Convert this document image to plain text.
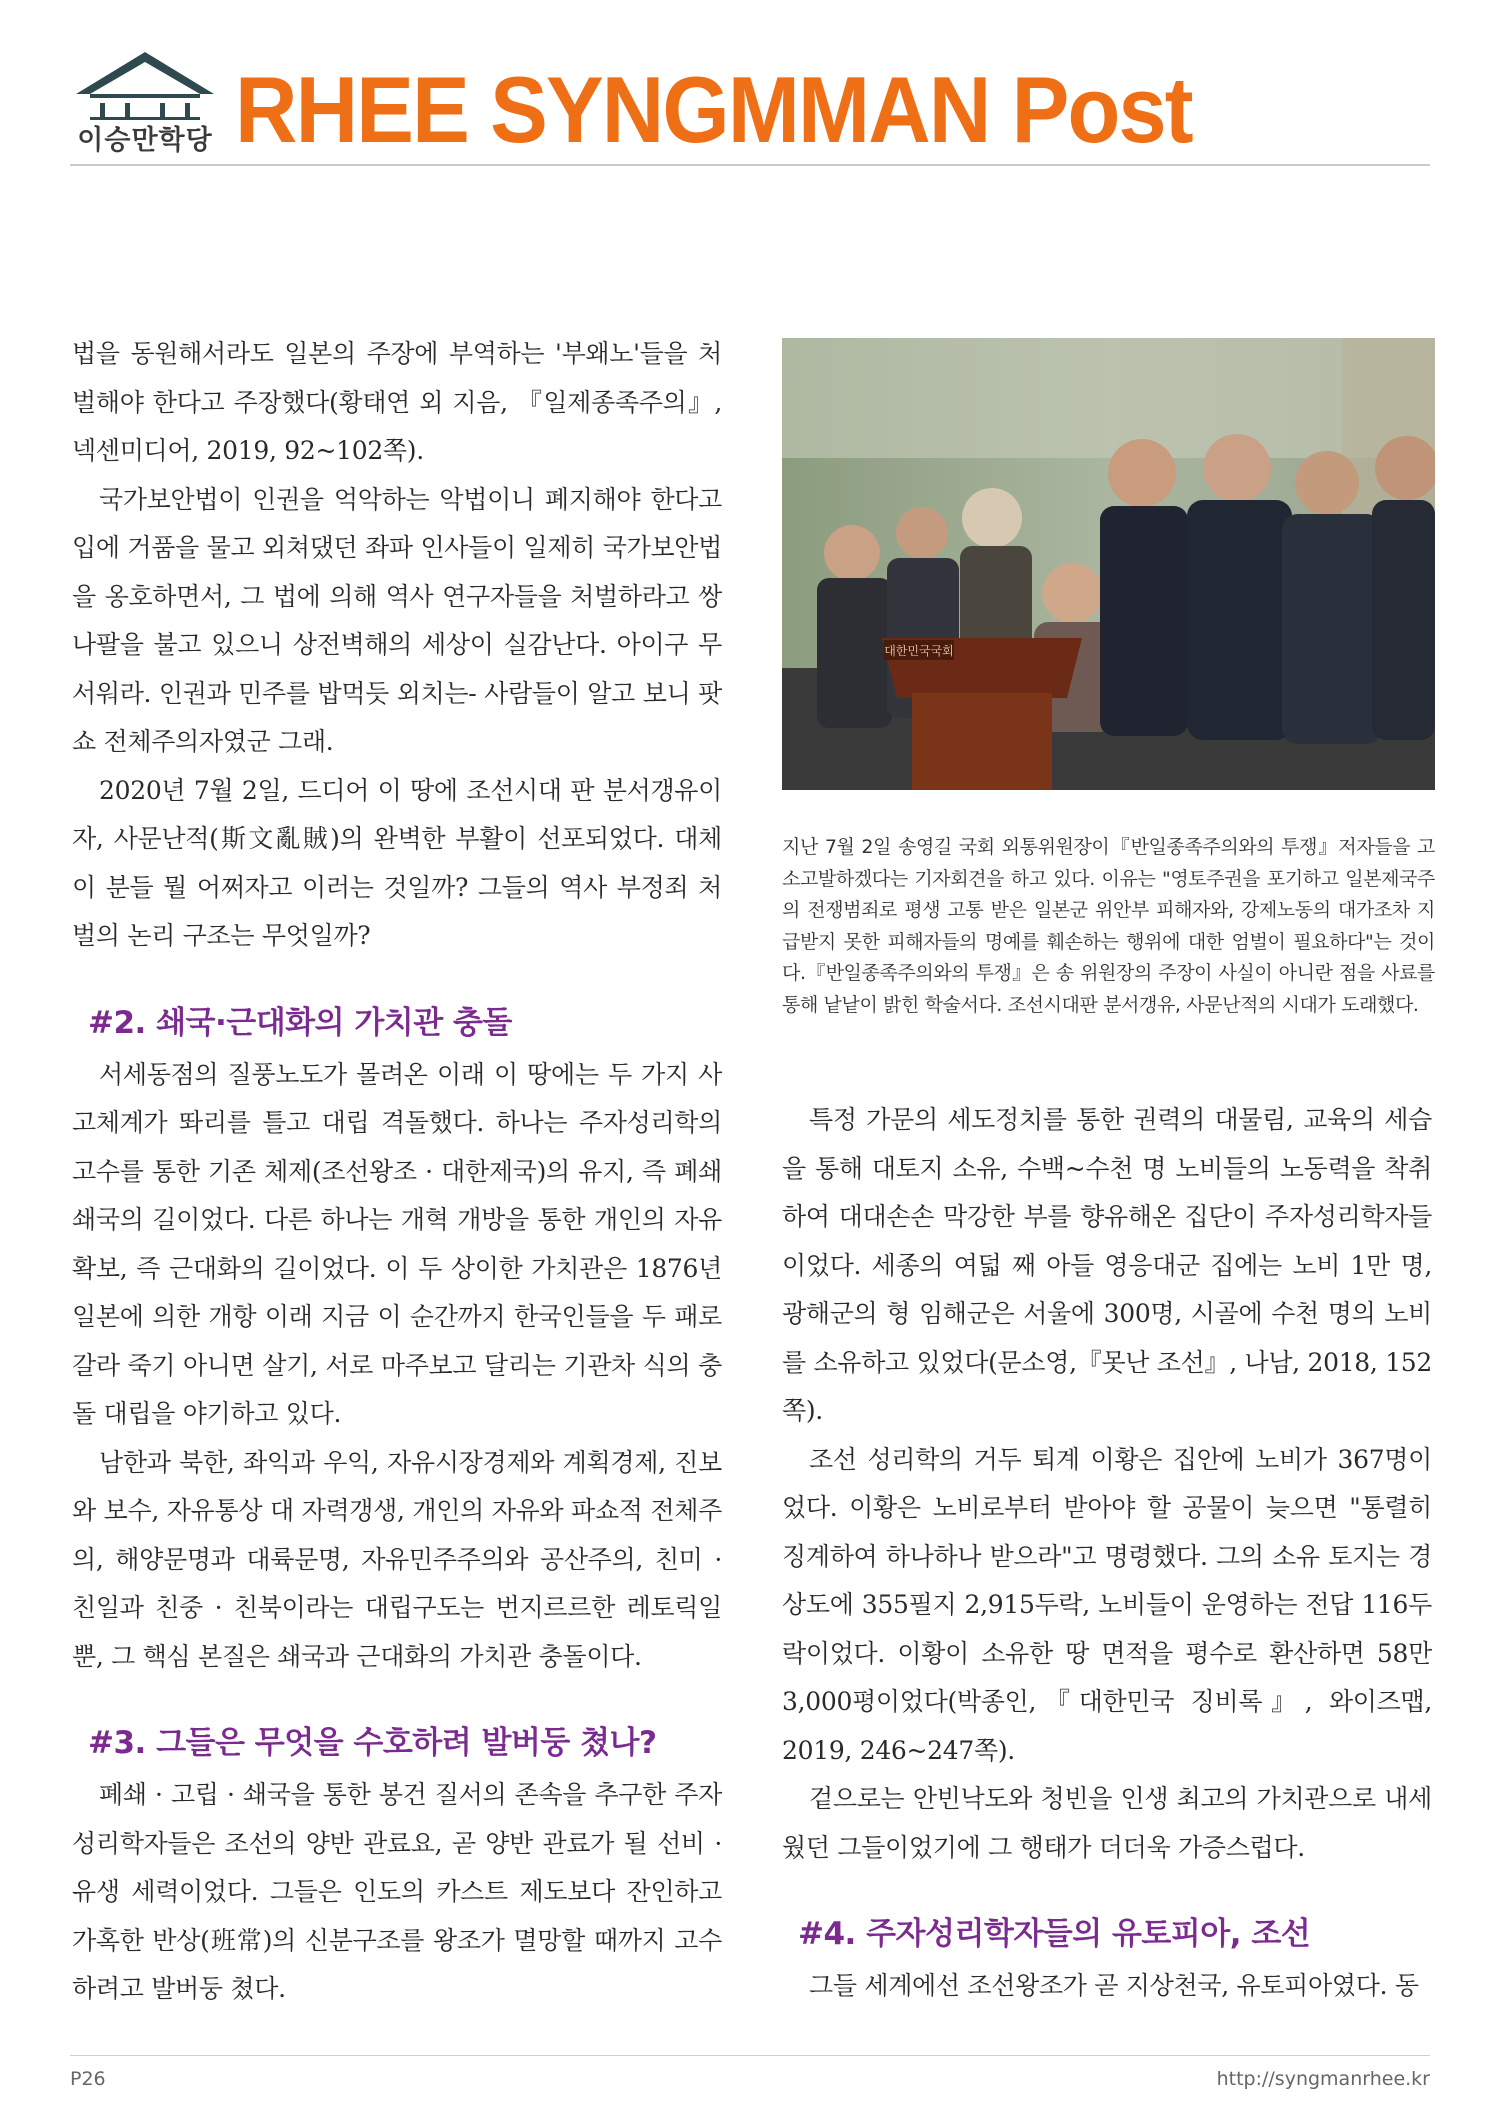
이승만학당 RHEE SYNGMMAN Post

법을 동원해서라도 일본의 주장에 부역하는 '부왜노'들을 처벌해야 한다고 주장했다(황태연 외 지음, 『일제종족주의』, 넥센미디어, 2019, 92~102쪽).

국가보안법이 인권을 억악하는 악법이니 폐지해야 한다고 입에 거품을 물고 외쳐댔던 좌파 인사들이 일제히 국가보안법을 옹호하면서, 그 법에 의해 역사 연구자들을 처벌하라고 쌍나팔을 불고 있으니 상전벽해의 세상이 실감난다. 아이구 무서워라. 인권과 민주를 밥먹듯 외치는- 사람들이 알고 보니 팟쇼 전체주의자였군 그래.

2020년 7월 2일, 드디어 이 땅에 조선시대 판 분서갱유이자, 사문난적(斯文亂賊)의 완벽한 부활이 선포되었다. 대체 이 분들 뭘 어쩌자고 이러는 것일까? 그들의 역사 부정죄 처벌의 논리 구조는 무엇일까?

#2. 쇄국·근대화의 가치관 충돌

서세동점의 질풍노도가 몰려온 이래 이 땅에는 두 가지 사고체계가 똬리를 틀고 대립 격돌했다. 하나는 주자성리학의 고수를 통한 기존 체제(조선왕조 · 대한제국)의 유지, 즉 폐쇄 쇄국의 길이었다. 다른 하나는 개혁 개방을 통한 개인의 자유 확보, 즉 근대화의 길이었다. 이 두 상이한 가치관은 1876년 일본에 의한 개항 이래 지금 이 순간까지 한국인들을 두 패로 갈라 죽기 아니면 살기, 서로 마주보고 달리는 기관차 식의 충돌 대립을 야기하고 있다.

남한과 북한, 좌익과 우익, 자유시장경제와 계획경제, 진보와 보수, 자유통상 대 자력갱생, 개인의 자유와 파쇼적 전체주의, 해양문명과 대륙문명, 자유민주주의와 공산주의, 친미 · 친일과 친중 · 친북이라는 대립구도는 번지르르한 레토릭일 뿐, 그 핵심 본질은 쇄국과 근대화의 가치관 충돌이다.

#3. 그들은 무엇을 수호하려 발버둥 쳤나?

폐쇄 · 고립 · 쇄국을 통한 봉건 질서의 존속을 추구한 주자성리학자들은 조선의 양반 관료요, 곧 양반 관료가 될 선비 · 유생 세력이었다. 그들은 인도의 카스트 제도보다 잔인하고 가혹한 반상(班常)의 신분구조를 왕조가 멸망할 때까지 고수하려고 발버둥 쳤다.

대한민국국회

지난 7월 2일 송영길 국회 외통위원장이『반일종족주의와의 투쟁』저자들을 고소고발하겠다는 기자회견을 하고 있다. 이유는 "영토주권을 포기하고 일본제국주의 전쟁범죄로 평생 고통 받은 일본군 위안부 피해자와, 강제노동의 대가조차 지급받지 못한 피해자들의 명예를 훼손하는 행위에 대한 엄벌이 필요하다"는 것이다.『반일종족주의와의 투쟁』은 송 위원장의 주장이 사실이 아니란 점을 사료를 통해 낱낱이 밝힌 학술서다. 조선시대판 분서갱유, 사문난적의 시대가 도래했다.

특정 가문의 세도정치를 통한 권력의 대물림, 교육의 세습을 통해 대토지 소유, 수백~수천 명 노비들의 노동력을 착취하여 대대손손 막강한 부를 향유해온 집단이 주자성리학자들이었다. 세종의 여덟 째 아들 영응대군 집에는 노비 1만 명, 광해군의 형 임해군은 서울에 300명, 시골에 수천 명의 노비를 소유하고 있었다(문소영,『못난 조선』, 나남, 2018, 152쪽).

조선 성리학의 거두 퇴계 이황은 집안에 노비가 367명이었다. 이황은 노비로부터 받아야 할 공물이 늦으면 "통렬히 징계하여 하나하나 받으라"고 명령했다. 그의 소유 토지는 경상도에 355필지 2,915두락, 노비들이 운영하는 전답 116두락이었다. 이황이 소유한 땅 면적을 평수로 환산하면 58만 3,000평이었다(박종인,『대한민국 징비록』, 와이즈맵, 2019, 246~247쪽).

겉으로는 안빈낙도와 청빈을 인생 최고의 가치관으로 내세웠던 그들이었기에 그 행태가 더더욱 가증스럽다.

#4. 주자성리학자들의 유토피아, 조선

그들 세계에선 조선왕조가 곧 지상천국, 유토피아였다. 동

P26	http://syngmanrhee.kr
